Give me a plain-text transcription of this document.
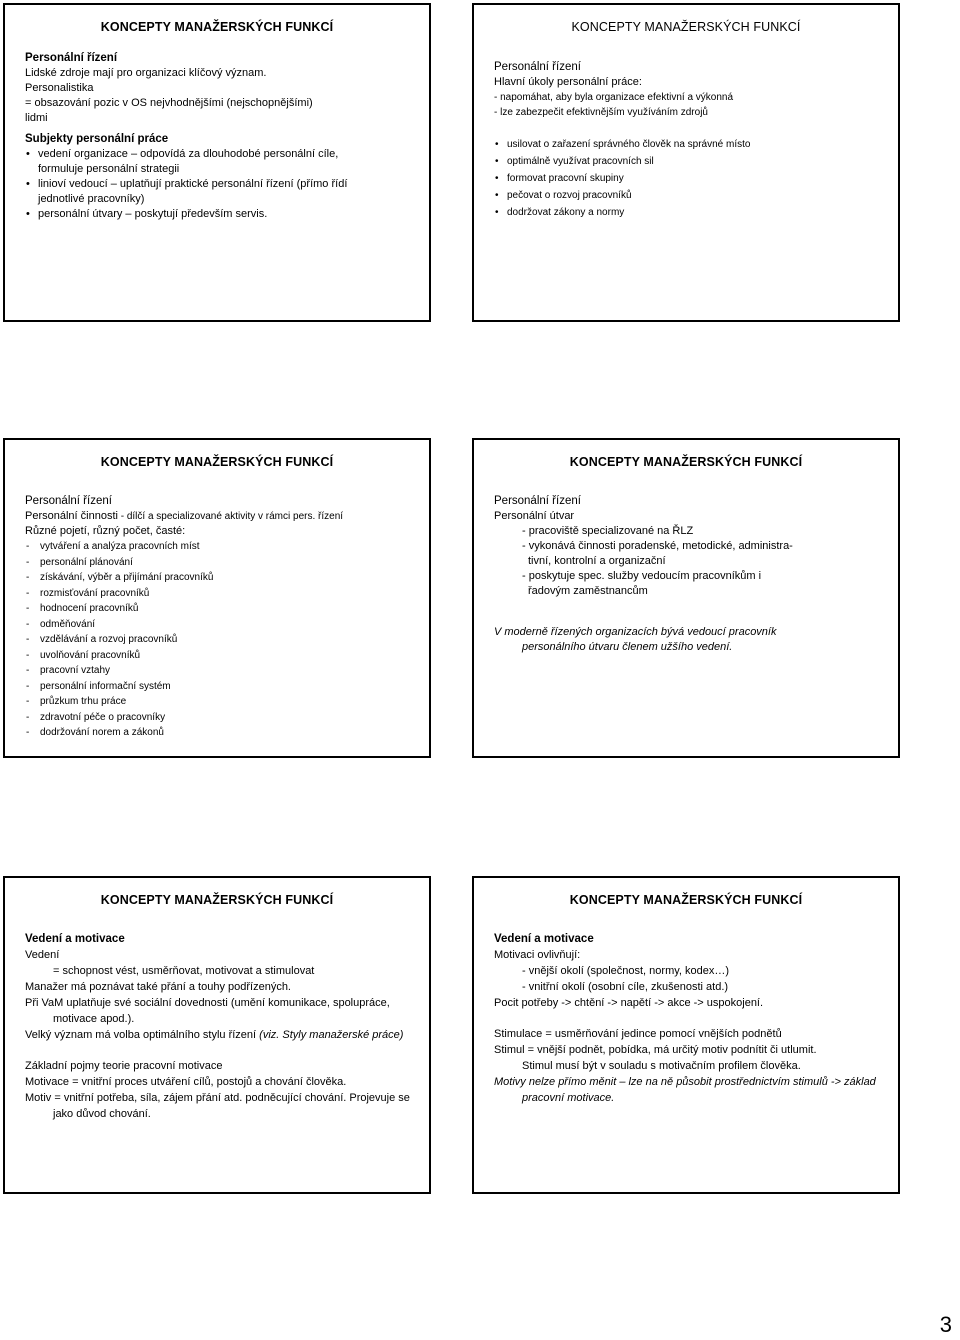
KONCEPTY MANAŽERSKÝCH FUNKCÍ

Personální řízení

Lidské zdroje mají pro organizaci klíčový význam.

Personalistika

= obsazování pozic v OS nejvhodnějšími (nejschopnějšími)

lidmi

Subjekty personální práce

• vedení organizace – odpovídá za dlouhodobé personální cíle, formuluje personální strategii
• linioví vedoucí – uplatňují praktické personální řízení (přímo řídí jednotlivé pracovníky)
• personální útvary – poskytují především servis.
KONCEPTY MANAŽERSKÝCH FUNKCÍ

Personální řízení

Hlavní úkoly personální práce:

- napomáhat, aby byla organizace efektivní a výkonná

- lze zabezpečit efektivnějším využíváním zdrojů

• usilovat o zařazení správného člověk na správné místo
• optimálně využívat pracovních sil
• formovat pracovní skupiny
• pečovat o rozvoj pracovníků
• dodržovat zákony a normy
KONCEPTY MANAŽERSKÝCH FUNKCÍ

Personální řízení

Personální činnosti - dílčí a specializované aktivity v rámci pers. řízení

Různé pojetí, různý počet, časté:

- vytváření a analýza pracovních míst
- personální plánování
- získávání, výběr a přijímání pracovníků
- rozmisťování pracovníků
- hodnocení pracovníků
- odměňování
- vzdělávání a rozvoj pracovníků
- uvolňování pracovníků
- pracovní vztahy
- personální informační systém
- průzkum trhu práce
- zdravotní péče o pracovníky
- dodržování norem a zákonů
KONCEPTY MANAŽERSKÝCH FUNKCÍ

Personální řízení

Personální útvar

- pracoviště specializované na ŘLZ

- vykonává činnosti poradenské, metodické, administra-

tivní, kontrolní a organizační

- poskytuje spec. služby vedoucím pracovníkům i

řadovým zaměstnancům

V moderně řízených organizacích bývá vedoucí pracovník

personálního útvaru členem užšího vedení.

KONCEPTY MANAŽERSKÝCH FUNKCÍ

Vedení a motivace

Vedení

= schopnost vést, usměrňovat, motivovat a stimulovat

Manažer má poznávat také přání a touhy podřízených.

Při VaM uplatňuje své sociální dovednosti (umění komunikace, spolupráce, motivace apod.).

Velký význam má volba optimálního stylu řízení (viz. Styly manažerské práce)

Základní pojmy teorie pracovní motivace

Motivace = vnitřní proces utváření cílů, postojů a chování člověka.

Motiv = vnitřní potřeba, síla, zájem přání atd. podněcující chování. Projevuje se jako důvod chování.

KONCEPTY MANAŽERSKÝCH FUNKCÍ

Vedení a motivace

Motivaci ovlivňují:

- vnější okolí (společnost, normy, kodex…)

- vnitřní okolí (osobní cíle, zkušenosti atd.)

Pocit potřeby -> chtění -> napětí -> akce -> uspokojení.

Stimulace = usměrňování jedince pomocí vnějších podnětů

Stimul = vnější podnět, pobídka, má určitý motiv podnítit či utlumit.

Stimul musí být v souladu s motivačním profilem člověka.

Motivy nelze přímo měnit – lze na ně působit prostřednictvím stimulů -> základ pracovní motivace.

3
